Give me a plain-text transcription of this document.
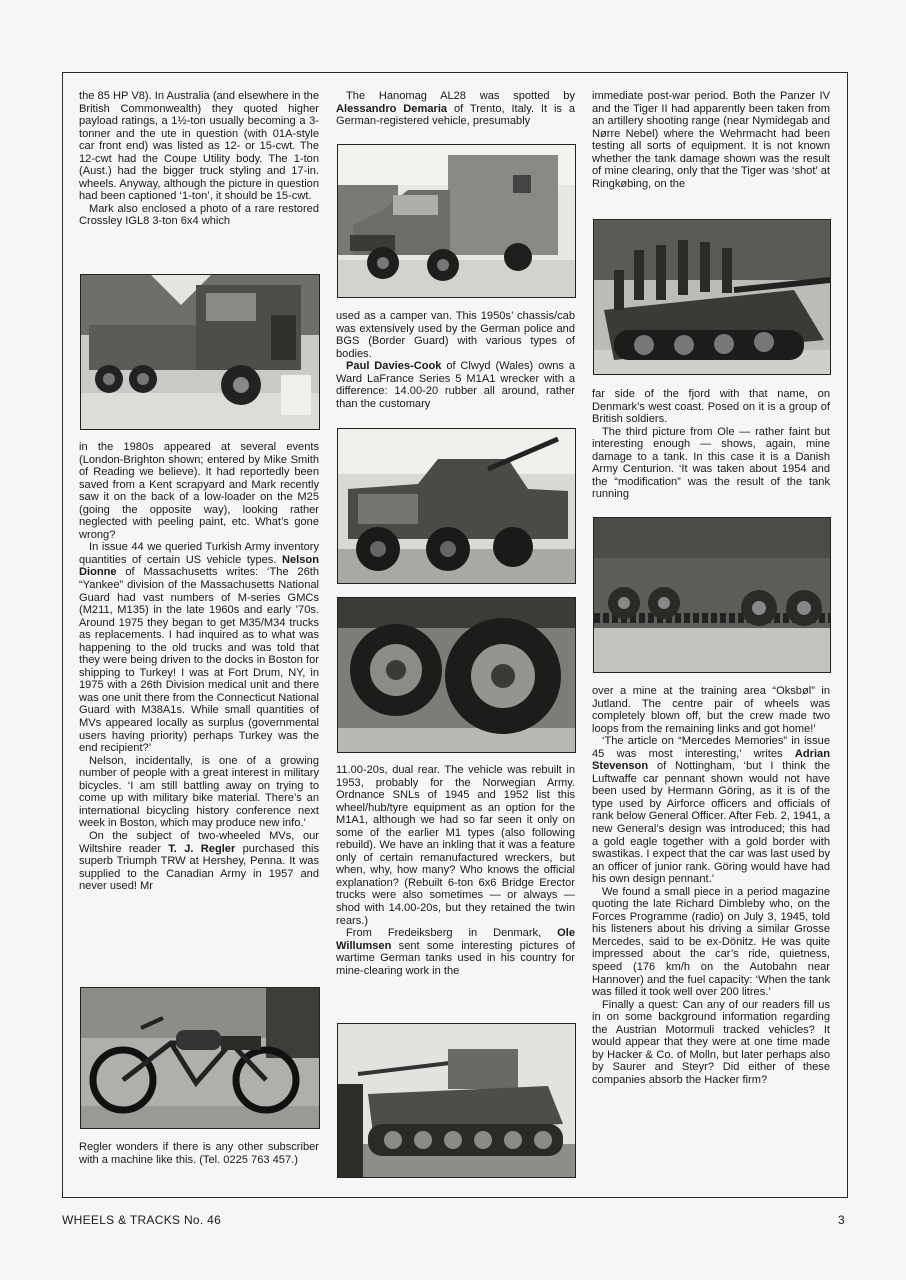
the 85 HP V8). In Australia (and elsewhere in the British Commonwealth) they quoted higher payload ratings, a 1½-ton usually becoming a 3-tonner and the ute in question (with 01A-style car front end) was listed as 12- or 15-cwt. The 12-cwt had the Coupe Utility body. The 1-ton (Aust.) had the bigger truck styling and 17-in. wheels. Anyway, although the picture in question had been captioned ‘1-ton’, it should be 15-cwt.

Mark also enclosed a photo of a rare restored Crossley IGL8 3-ton 6x4 which

in the 1980s appeared at several events (London-Brighton shown; entered by Mike Smith of Reading we believe). It had reportedly been saved from a Kent scrapyard and Mark recently saw it on the back of a low-loader on the M25 (going the opposite way), looking rather neglected with peeling paint, etc. What’s gone wrong?

In issue 44 we queried Turkish Army inventory quantities of certain US vehicle types. Nelson Dionne of Massachusetts writes: ‘The 26th “Yankee” division of the Massachusetts National Guard had vast numbers of M-series GMCs (M211, M135) in the late 1960s and early ’70s. Around 1975 they began to get M35/M34 trucks as replacements. I had inquired as to what was happening to the old trucks and was told that they were being driven to the docks in Boston for shipping to Turkey! I was at Fort Drum, NY, in 1975 with a 26th Division medical unit and there was one unit there from the Connecticut National Guard with M38A1s. While small quantities of MVs appeared locally as surplus (governmental users having priority) perhaps Turkey was the end recipient?’

Nelson, incidentally, is one of a growing number of people with a great interest in military bicycles. ‘I am still battling away on trying to come up with military bike material. There’s an international bicycling history conference next week in Boston, which may produce new info.’

On the subject of two-wheeled MVs, our Wiltshire reader T. J. Regler purchased this superb Triumph TRW at Hershey, Penna. It was supplied to the Canadian Army in 1957 and never used! Mr

Regler wonders if there is any other subscriber with a machine like this. (Tel. 0225 763 457.)

The Hanomag AL28 was spotted by Alessandro Demaria of Trento, Italy. It is a German-registered vehicle, presumably

used as a camper van. This 1950s’ chassis/cab was extensively used by the German police and BGS (Border Guard) with various types of bodies.

Paul Davies-Cook of Clwyd (Wales) owns a Ward LaFrance Series 5 M1A1 wrecker with a difference: 14.00-20 rubber all around, rather than the customary

11.00-20s, dual rear. The vehicle was rebuilt in 1953, probably for the Norwegian Army. Ordnance SNLs of 1945 and 1952 list this wheel/hub/tyre equipment as an option for the M1A1, although we had so far seen it only on some of the earlier M1 types (also following rebuild). We have an inkling that it was a feature only of certain remanufactured wreckers, but when, why, how many? Who knows the official explanation? (Rebuilt 6-ton 6x6 Bridge Erector trucks were also sometimes — or always — shod with 14.00-20s, but they retained the twin rears.)

From Fredeiksberg in Denmark, Ole Willumsen sent some interesting pictures of wartime German tanks used in his country for mine-clearing work in the

immediate post-war period. Both the Panzer IV and the Tiger II had apparently been taken from an artillery shooting range (near Nymidegab and Nørre Nebel) where the Wehrmacht had been testing all sorts of equipment. It is not known whether the tank damage shown was the result of mine clearing, only that the Tiger was ‘shot’ at Ringkøbing, on the

far side of the fjord with that name, on Denmark’s west coast. Posed on it is a group of British soldiers.

The third picture from Ole — rather faint but interesting enough — shows, again, mine damage to a tank. In this case it is a Danish Army Centurion. ‘It was taken about 1954 and the “modification” was the result of the tank running

over a mine at the training area “Oksbøl” in Jutland. The centre pair of wheels was completely blown off, but the crew made two loops from the remaining links and got home!’

‘The article on “Mercedes Memories” in issue 45 was most interesting,’ writes Adrian Stevenson of Nottingham, ‘but I think the Luftwaffe car pennant shown would not have been used by Hermann Göring, as it is of the type used by Airforce officers and officials of rank below General Officer. After Feb. 2, 1941, a new General’s design was introduced; this had a gold eagle together with a gold border with swastikas. I expect that the car was last used by an officer of junior rank. Göring would have had his own design pennant.’

We found a small piece in a period magazine quoting the late Richard Dimbleby who, on the Forces Programme (radio) on July 3, 1945, told his listeners about his driving a similar Grosse Mercedes, said to be ex-Dönitz. He was quite impressed about the car’s ride, quietness, speed (176 km/h on the Autobahn near Hannover) and the fuel capacity: ‘When the tank was filled it took well over 200 litres.’

Finally a quest: Can any of our readers fill us in on some background information regarding the Austrian Motormuli tracked vehicles? It would appear that they were at one time made by Hacker & Co. of Molln, but later perhaps also by Saurer and Steyr? Did either of these companies absorb the Hacker firm?

WHEELS & TRACKS No. 46	3
